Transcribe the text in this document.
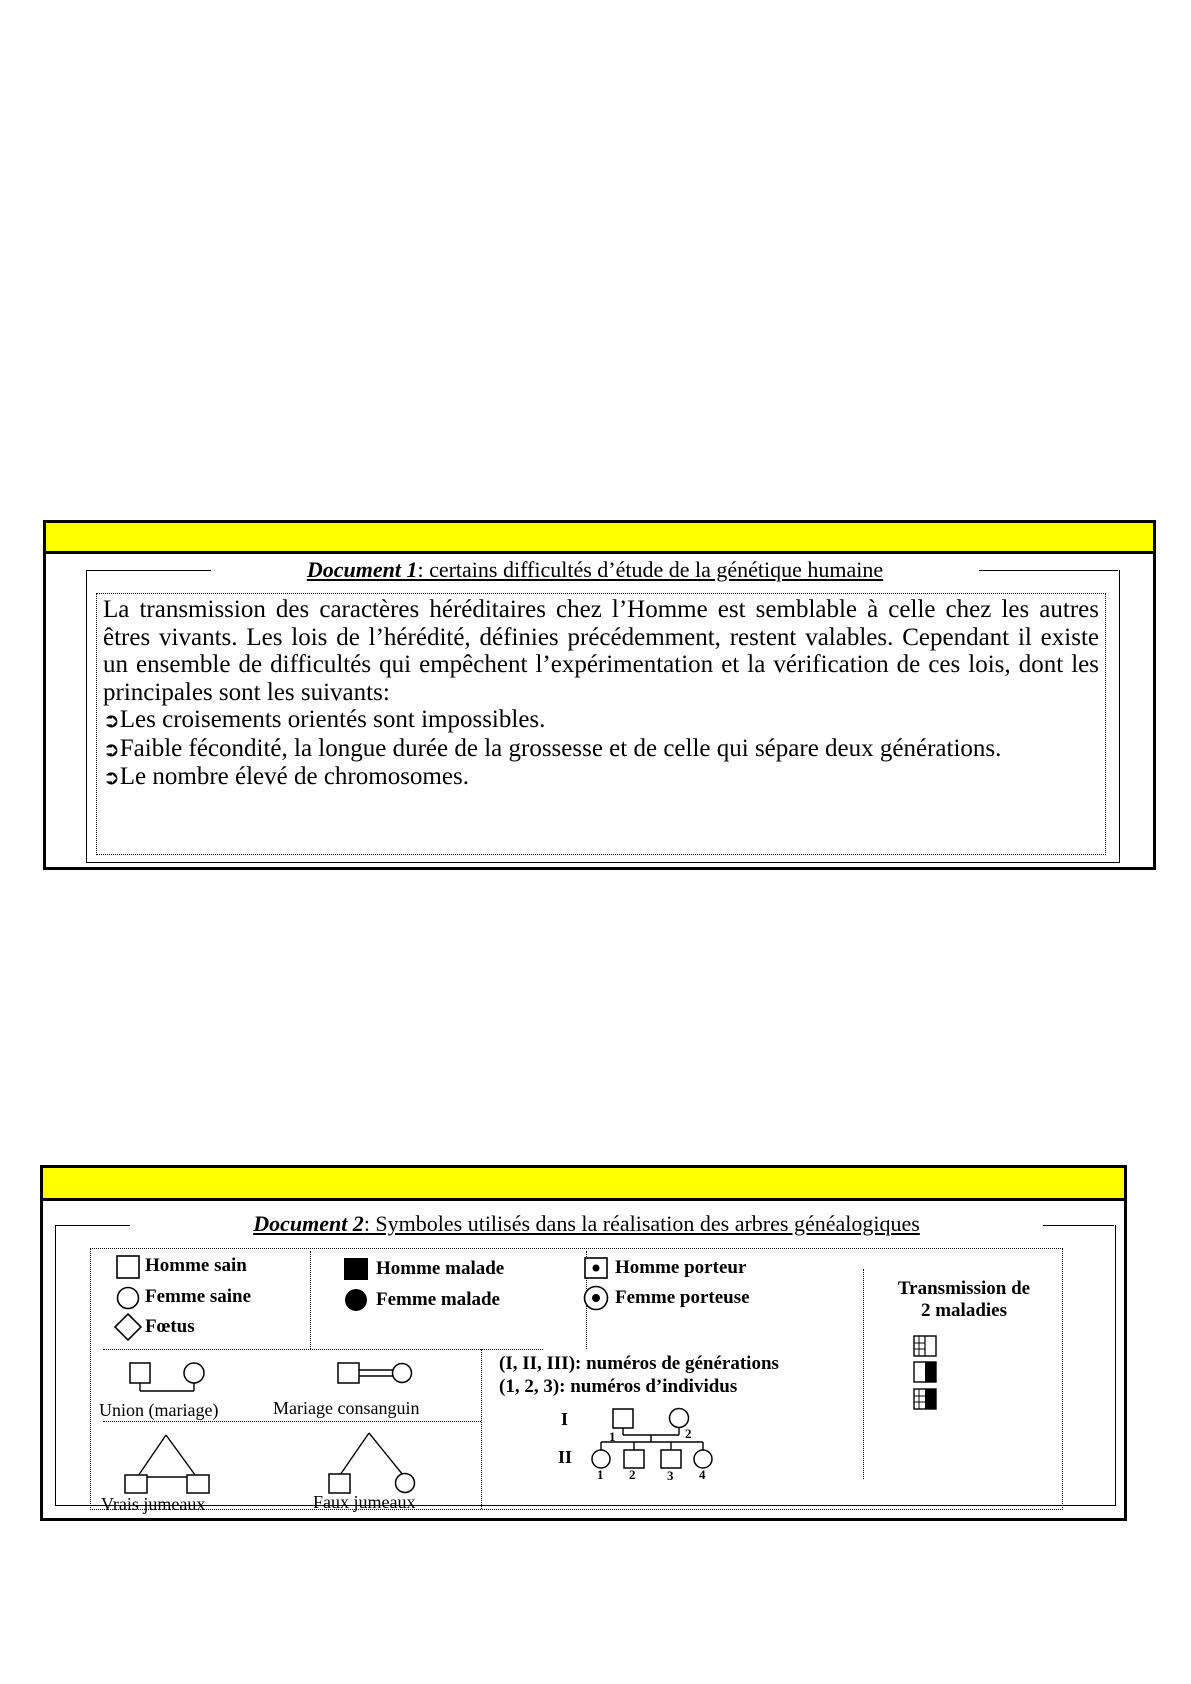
Document 1: certains difficultés d’étude de la génétique humaine

La transmission des caractères héréditaires chez l’Homme est semblable à celle chez les autres êtres vivants. Les lois de l’hérédité, définies précédemment, restent valables. Cependant il existe un ensemble de difficultés qui empêchent l’expérimentation et la vérification de ces lois, dont les principales sont les suivants:

➲Les croisements orientés sont impossibles.

➲Faible fécondité, la longue durée de la grossesse et de celle qui sépare deux générations.

➲Le nombre élevé de chromosomes.

Document 2: Symboles utilisés dans la réalisation des arbres généalogiques
Homme sain
Femme saine
Fœtus
Homme malade
Femme malade
Homme porteur
Femme porteuse	Transmission de
2 maladies
Union (mariage)	Mariage consanguin
Vrais jumeaux	Faux jumeaux
(I, II, III): numéros de générations
(1, 2, 3): numéros d’individus
I
II
1	2
1 2 3 4
